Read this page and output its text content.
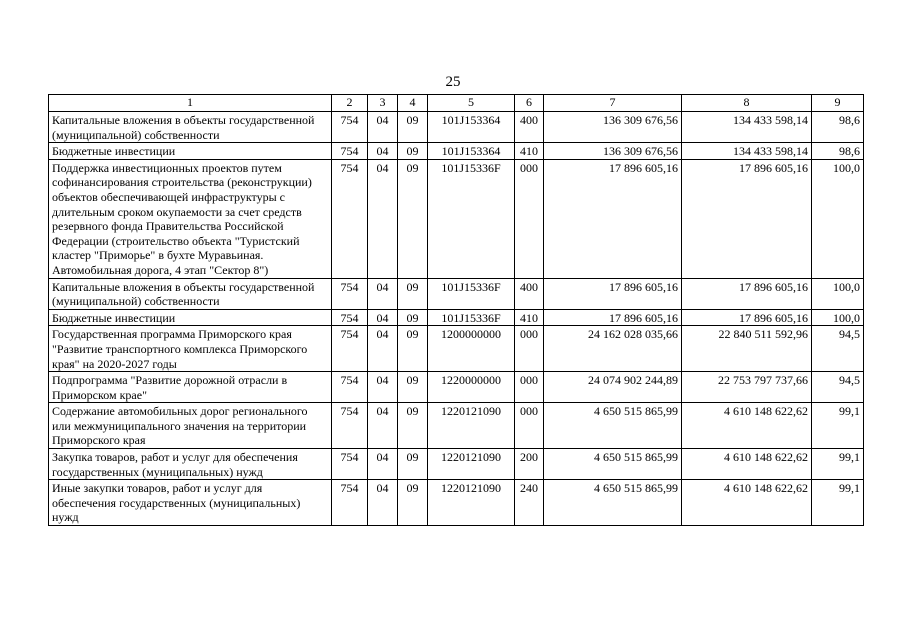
25
1	2	3	4	5	6	7	8	9
Капитальные вложения в объекты государственной (муниципальной) собственности	754	04	09	101J153364	400	136 309 676,56	134 433 598,14	98,6
Бюджетные инвестиции	754	04	09	101J153364	410	136 309 676,56	134 433 598,14	98,6
Поддержка инвестиционных проектов путем софинансирования строительства (реконструкции) объектов обеспечивающей инфраструктуры с длительным сроком окупаемости за счет средств резервного фонда Правительства Российской Федерации (строительство объекта "Туристский кластер "Приморье" в бухте Муравьиная. Автомобильная дорога, 4 этап "Сектор 8")	754	04	09	101J15336F	000	17 896 605,16	17 896 605,16	100,0
Капитальные вложения в объекты государственной (муниципальной) собственности	754	04	09	101J15336F	400	17 896 605,16	17 896 605,16	100,0
Бюджетные инвестиции	754	04	09	101J15336F	410	17 896 605,16	17 896 605,16	100,0
Государственная программа Приморского края "Развитие транспортного комплекса Приморского края" на 2020-2027 годы	754	04	09	1200000000	000	24 162 028 035,66	22 840 511 592,96	94,5
Подпрограмма "Развитие дорожной отрасли в Приморском крае"	754	04	09	1220000000	000	24 074 902 244,89	22 753 797 737,66	94,5
Содержание автомобильных дорог регионального или межмуниципального значения на территории Приморского края	754	04	09	1220121090	000	4 650 515 865,99	4 610 148 622,62	99,1
Закупка товаров, работ и услуг для обеспечения государственных (муниципальных) нужд	754	04	09	1220121090	200	4 650 515 865,99	4 610 148 622,62	99,1
Иные закупки товаров, работ и услуг для обеспечения государственных (муниципальных) нужд	754	04	09	1220121090	240	4 650 515 865,99	4 610 148 622,62	99,1
